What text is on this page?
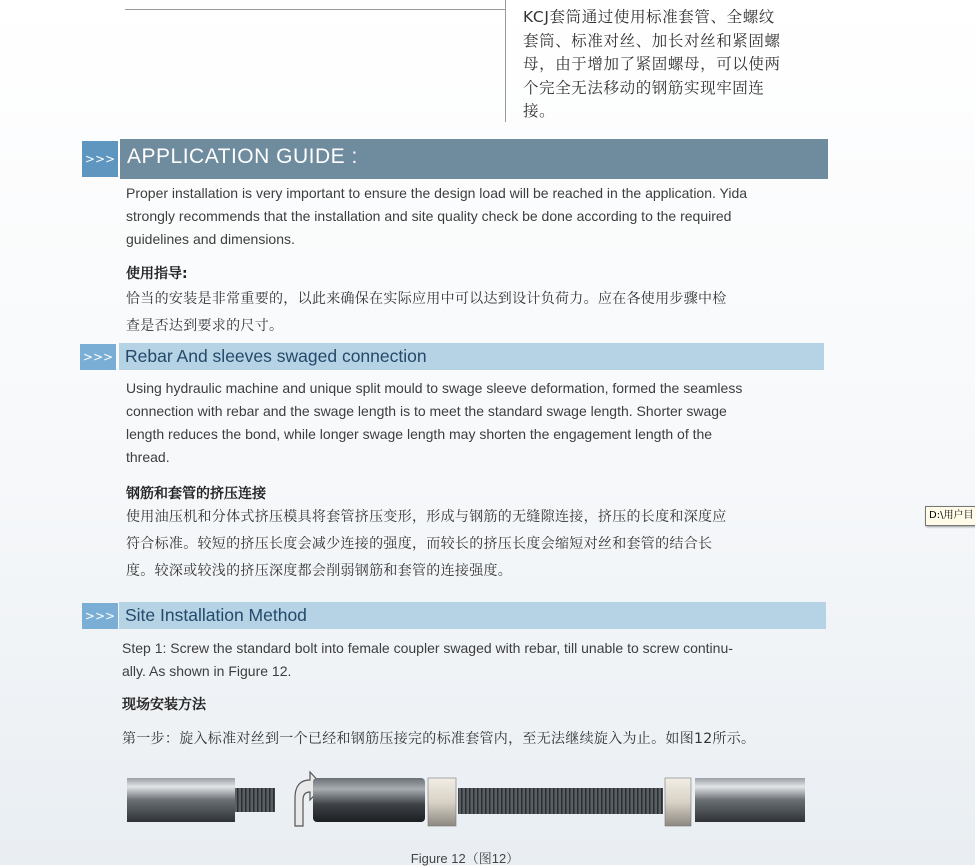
KCJ套筒通过使用标准套管、全螺纹
套筒、标准对丝、加长对丝和紧固螺
母，由于增加了紧固螺母，可以使两
个完全无法移动的钢筋实现牢固连
接。
>>> APPLICATION GUIDE :
Proper installation is very important to ensure the design load will be reached in the application. Yida
strongly recommends that the installation and site quality check be done according to the required
guidelines and dimensions.
使用指导:
恰当的安装是非常重要的，以此来确保在实际应用中可以达到设计负荷力。应在各使用步骤中检
查是否达到要求的尺寸。
>>> Rebar And sleeves swaged connection
Using hydraulic machine and unique split mould to swage sleeve deformation, formed the seamless
connection with rebar and the swage length is to meet the standard swage length. Shorter swage
length reduces the bond, while longer swage length may shorten the engagement length of the
thread.
钢筋和套管的挤压连接
使用油压机和分体式挤压模具将套管挤压变形，形成与钢筋的无缝隙连接，挤压的长度和深度应
符合标准。较短的挤压长度会减少连接的强度，而较长的挤压长度会缩短对丝和套管的结合长
度。较深或较浅的挤压深度都会削弱钢筋和套管的连接强度。
>>> Site Installation Method
Step 1: Screw the standard bolt into female coupler swaged with rebar, till unable to screw continu-
ally. As shown in Figure 12.
现场安装方法
第一步：旋入标准对丝到一个已经和钢筋压接完的标准套管内，至无法继续旋入为止。如图12所示。
Figure 12（图12）
D:\用户目
